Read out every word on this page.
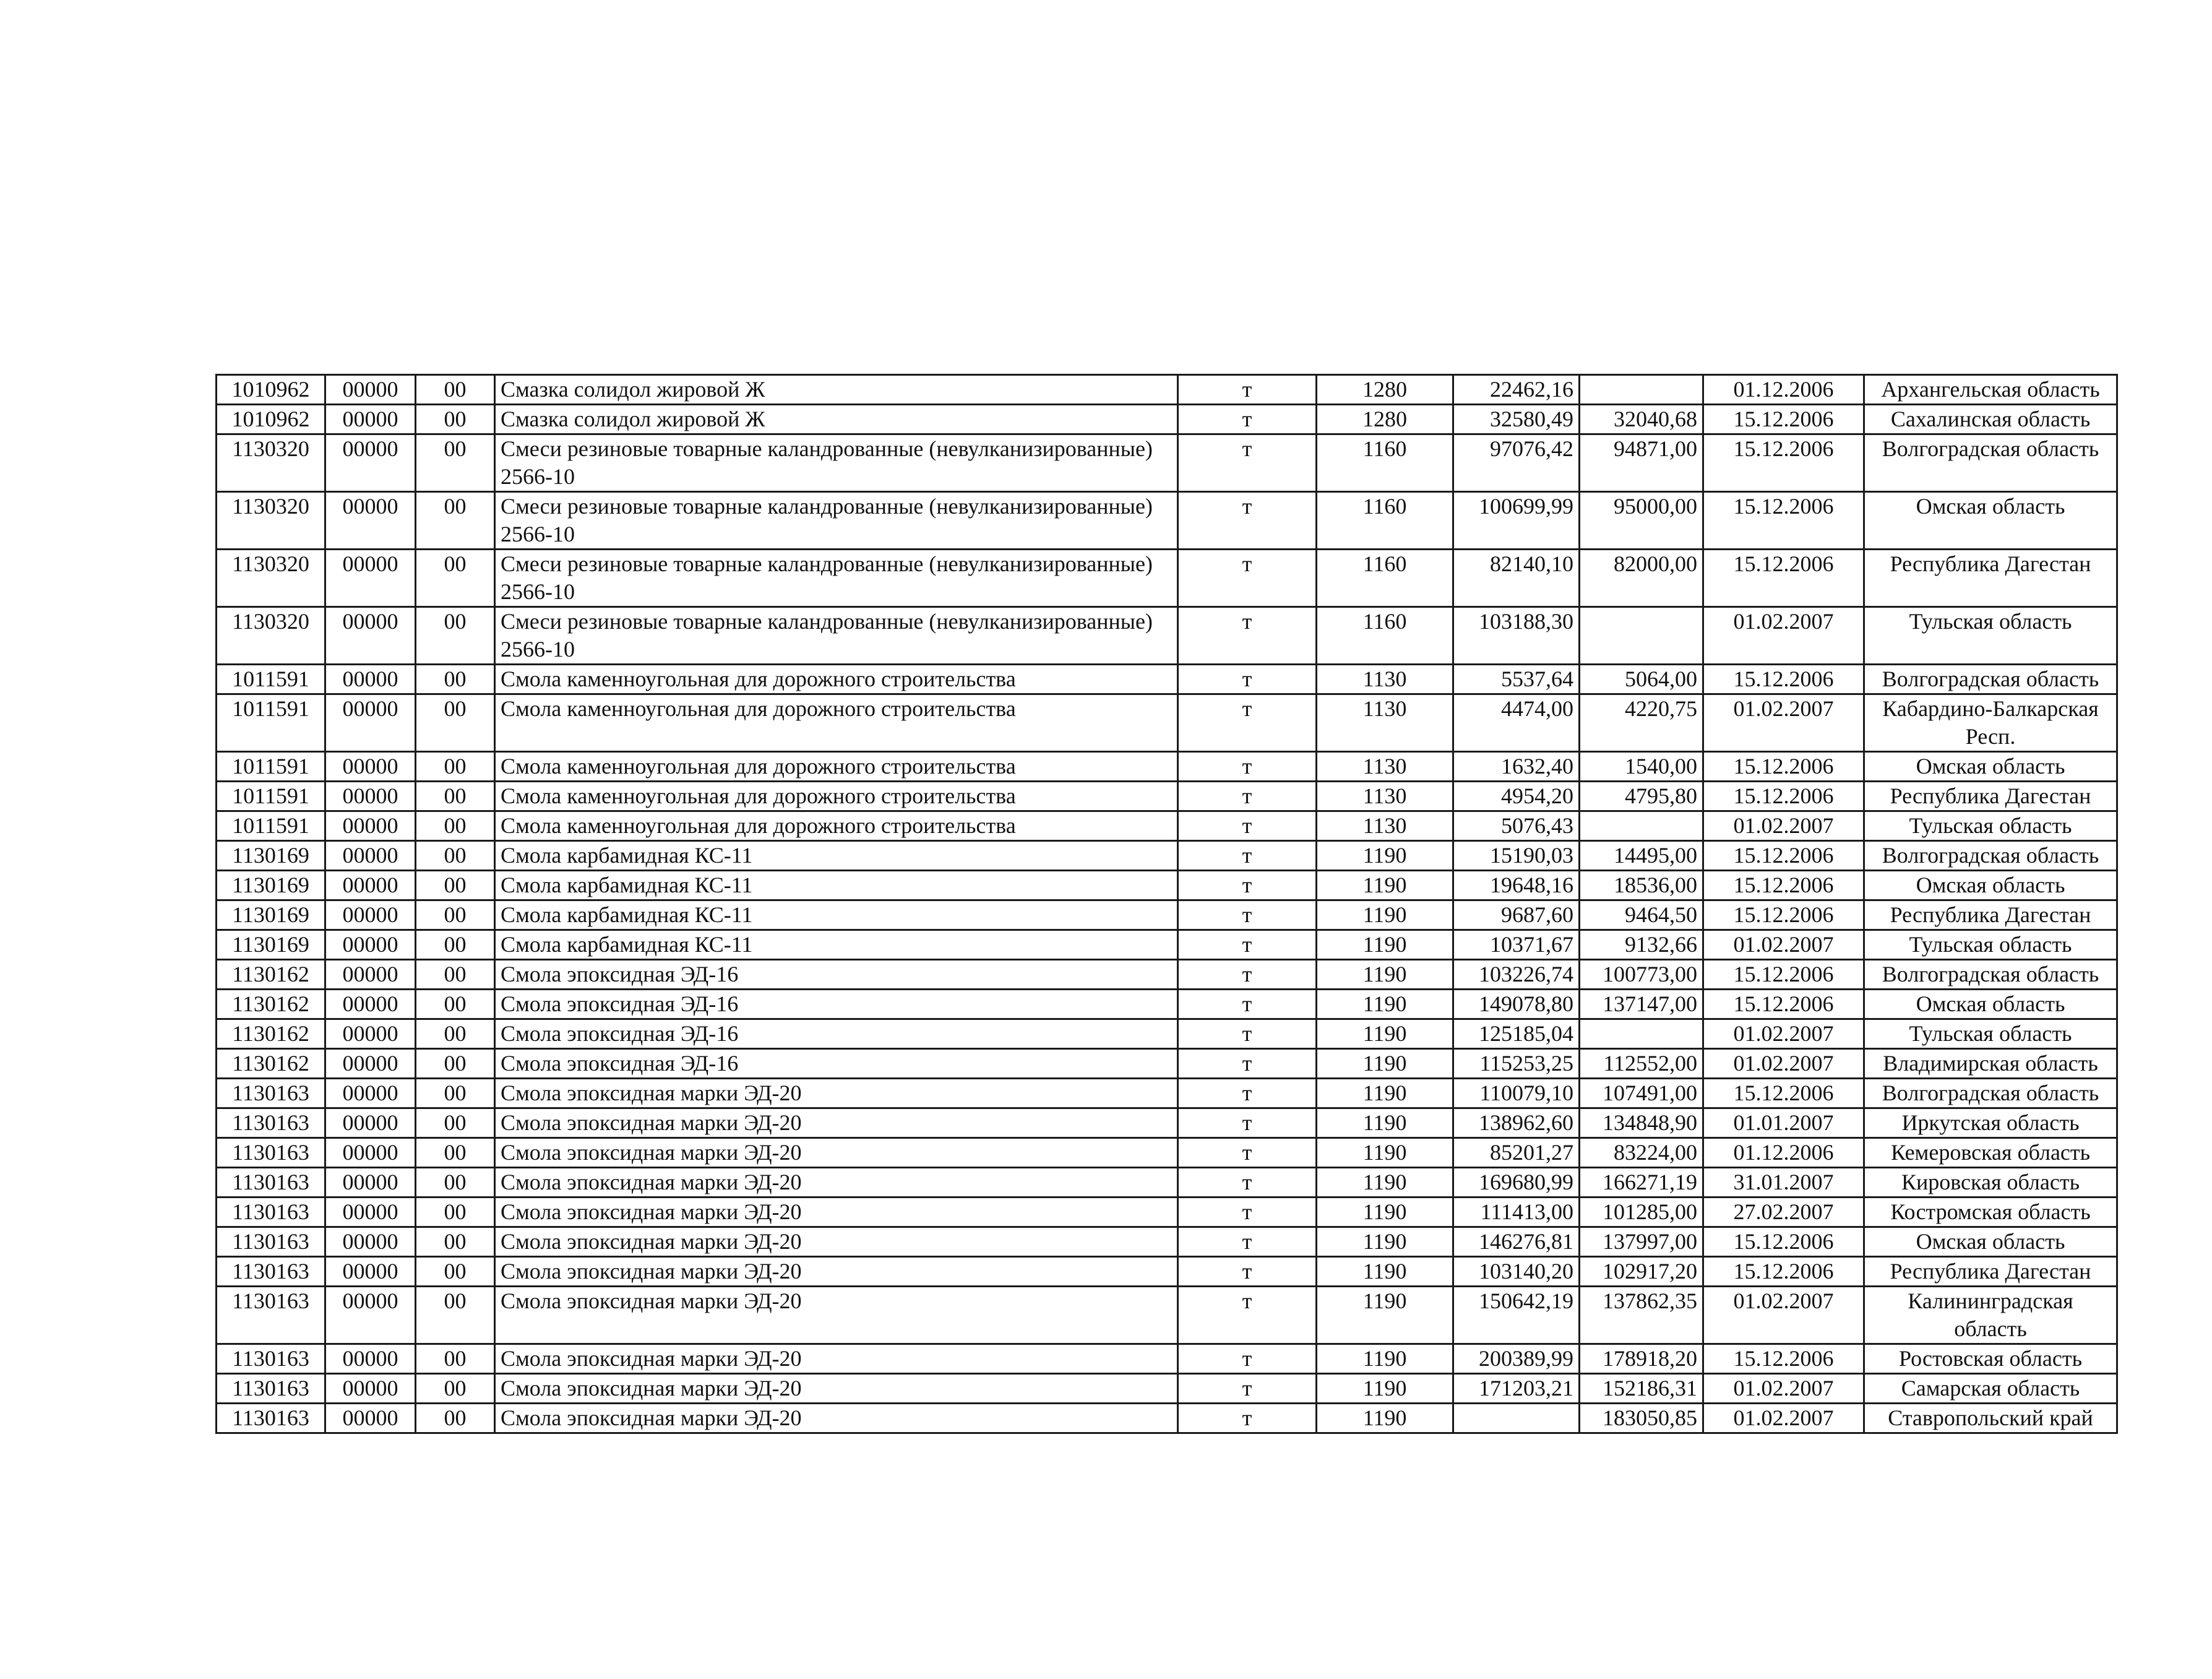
1010962	00000	00	Смазка солидол жировой Ж	т	1280	22462,16		01.12.2006	Архангельская область
1010962	00000	00	Смазка солидол жировой Ж	т	1280	32580,49	32040,68	15.12.2006	Сахалинская область
1130320	00000	00	Смеси резиновые товарные каландрованные (невулканизированные) 2566-10	т	1160	97076,42	94871,00	15.12.2006	Волгоградская область
1130320	00000	00	Смеси резиновые товарные каландрованные (невулканизированные) 2566-10	т	1160	100699,99	95000,00	15.12.2006	Омская область
1130320	00000	00	Смеси резиновые товарные каландрованные (невулканизированные) 2566-10	т	1160	82140,10	82000,00	15.12.2006	Республика Дагестан
1130320	00000	00	Смеси резиновые товарные каландрованные (невулканизированные) 2566-10	т	1160	103188,30		01.02.2007	Тульская область
1011591	00000	00	Смола каменноугольная для дорожного строительства	т	1130	5537,64	5064,00	15.12.2006	Волгоградская область
1011591	00000	00	Смола каменноугольная для дорожного строительства	т	1130	4474,00	4220,75	01.02.2007	Кабардино-Балкарская Респ.
1011591	00000	00	Смола каменноугольная для дорожного строительства	т	1130	1632,40	1540,00	15.12.2006	Омская область
1011591	00000	00	Смола каменноугольная для дорожного строительства	т	1130	4954,20	4795,80	15.12.2006	Республика Дагестан
1011591	00000	00	Смола каменноугольная для дорожного строительства	т	1130	5076,43		01.02.2007	Тульская область
1130169	00000	00	Смола карбамидная КС-11	т	1190	15190,03	14495,00	15.12.2006	Волгоградская область
1130169	00000	00	Смола карбамидная КС-11	т	1190	19648,16	18536,00	15.12.2006	Омская область
1130169	00000	00	Смола карбамидная КС-11	т	1190	9687,60	9464,50	15.12.2006	Республика Дагестан
1130169	00000	00	Смола карбамидная КС-11	т	1190	10371,67	9132,66	01.02.2007	Тульская область
1130162	00000	00	Смола эпоксидная ЭД-16	т	1190	103226,74	100773,00	15.12.2006	Волгоградская область
1130162	00000	00	Смола эпоксидная ЭД-16	т	1190	149078,80	137147,00	15.12.2006	Омская область
1130162	00000	00	Смола эпоксидная ЭД-16	т	1190	125185,04		01.02.2007	Тульская область
1130162	00000	00	Смола эпоксидная ЭД-16	т	1190	115253,25	112552,00	01.02.2007	Владимирская область
1130163	00000	00	Смола эпоксидная марки ЭД-20	т	1190	110079,10	107491,00	15.12.2006	Волгоградская область
1130163	00000	00	Смола эпоксидная марки ЭД-20	т	1190	138962,60	134848,90	01.01.2007	Иркутская область
1130163	00000	00	Смола эпоксидная марки ЭД-20	т	1190	85201,27	83224,00	01.12.2006	Кемеровская область
1130163	00000	00	Смола эпоксидная марки ЭД-20	т	1190	169680,99	166271,19	31.01.2007	Кировская область
1130163	00000	00	Смола эпоксидная марки ЭД-20	т	1190	111413,00	101285,00	27.02.2007	Костромская область
1130163	00000	00	Смола эпоксидная марки ЭД-20	т	1190	146276,81	137997,00	15.12.2006	Омская область
1130163	00000	00	Смола эпоксидная марки ЭД-20	т	1190	103140,20	102917,20	15.12.2006	Республика Дагестан
1130163	00000	00	Смола эпоксидная марки ЭД-20	т	1190	150642,19	137862,35	01.02.2007	Калининградская область
1130163	00000	00	Смола эпоксидная марки ЭД-20	т	1190	200389,99	178918,20	15.12.2006	Ростовская область
1130163	00000	00	Смола эпоксидная марки ЭД-20	т	1190	171203,21	152186,31	01.02.2007	Самарская область
1130163	00000	00	Смола эпоксидная марки ЭД-20	т	1190		183050,85	01.02.2007	Ставропольский край
